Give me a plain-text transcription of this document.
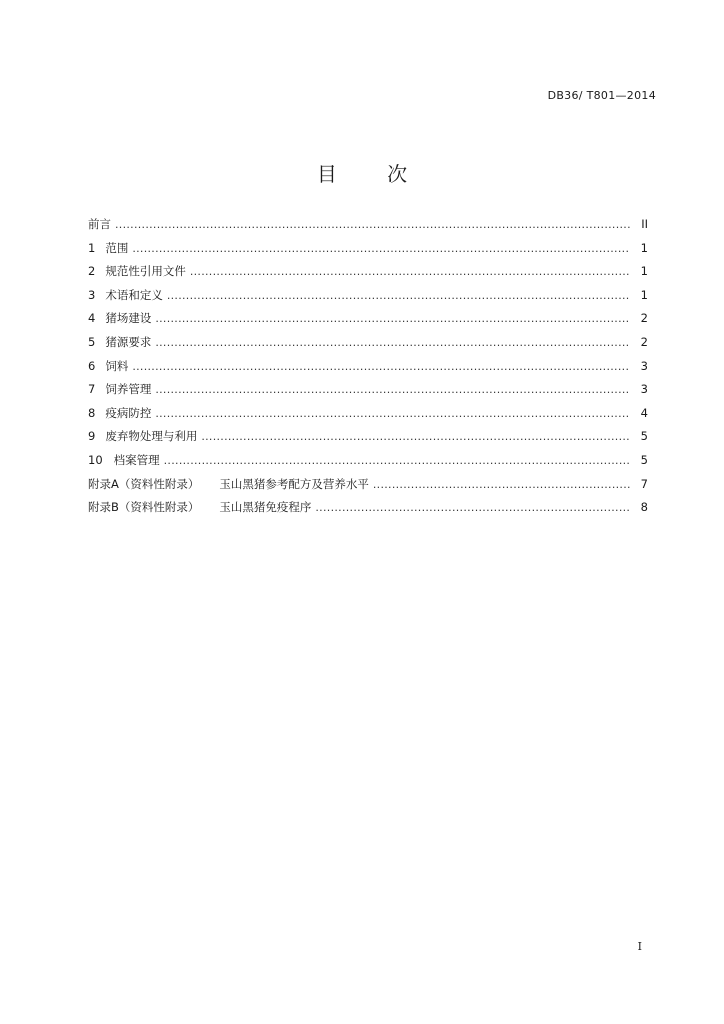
DB36/ T801—2014
目 次
前言 . . .	II
1 范围 . . .	1
2 规范性引用文件 . . .	1
3 术语和定义 . . .	1
4 猪场建设 . . .	2
5 猪源要求 . . .	2
6 饲料 . . .	3
7 饲养管理 . . .	3
8 疫病防控 . . .	4
9 废弃物处理与利用 . . .	5
10 档案管理 . . .	5
附录A（资料性附录） 玉山黑猪参考配方及营养水平 . . .	7
附录B（资料性附录） 玉山黑猪免疫程序 . . .	8
I
